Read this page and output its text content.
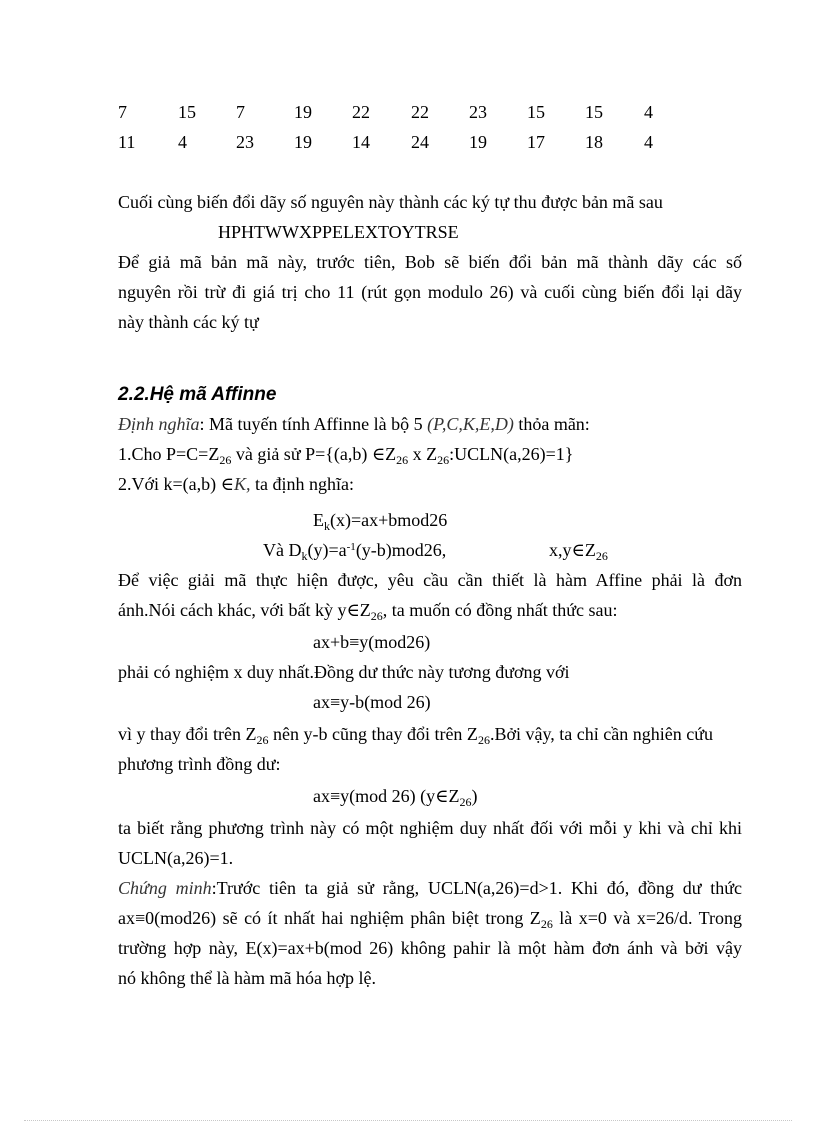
7	15 7	19 22 22 23 15 15 4
11 4	23 19 14 24 19 17 18 4
Cuối cùng biến đổi dãy số nguyên này thành các ký tự thu được bản mã sau
HPHTWWXPPELEXTOYTRSE
Để giả mã bản mã này, trước tiên, Bob sẽ biến đổi bản mã thành dãy các số
nguyên rồi trừ đi giá trị cho 11 (rút gọn modulo 26) và cuối cùng biến đổi lại dãy
này thành các ký tự
2.2.Hệ mã Affinne
Định nghĩa: Mã tuyến tính Affinne là bộ 5 (P,C,K,E,D) thỏa mãn:
1.Cho $P=C=Z_{26}$ và giả sử P={(a,b) $\in Z_{26}$ x $Z_{26}:UCLN(a,26)=1$}
2.Với k=(a,b) ∈K, ta định nghĩa:
$E_k(x)=ax+bmod26$
Và $D_k(y)=a^{-1}(y-b)mod26$,	$x,y\in Z_{26}$
Để việc giải mã thực hiện được, yêu cầu cần thiết là hàm Affine phải là đơn
ánh.Nói cách khác, với bất kỳ $y\in Z_{26}$, ta muốn có đồng nhất thức sau:
ax+b≡y(mod26)
phải có nghiệm x duy nhất.Đồng dư thức này tương đương với
ax≡y-b(mod 26)
vì y thay đổi trên $Z_{26}$ nên y-b cũng thay đổi trên $Z_{26}.Bởi$ vậy, ta chỉ cần nghiên cứu
phương trình đồng dư:
ax≡y(mod 26) $(y\in Z_{26})$
ta biết rằng phương trình này có một nghiệm duy nhất đối với mỗi y khi và chỉ khi
UCLN(a,26)=1.
Chứng minh:Trước tiên ta giả sử rằng, UCLN(a,26)=d>1. Khi đó, đồng dư thức
ax≡0(mod26) sẽ có ít nhất hai nghiệm phân biệt trong $Z_{26}$ là x=0 và x=26/d. Trong
trường hợp này, E(x)=ax+b(mod 26) không pahir là một hàm đơn ánh và bởi vậy
nó không thể là hàm mã hóa hợp lệ.
